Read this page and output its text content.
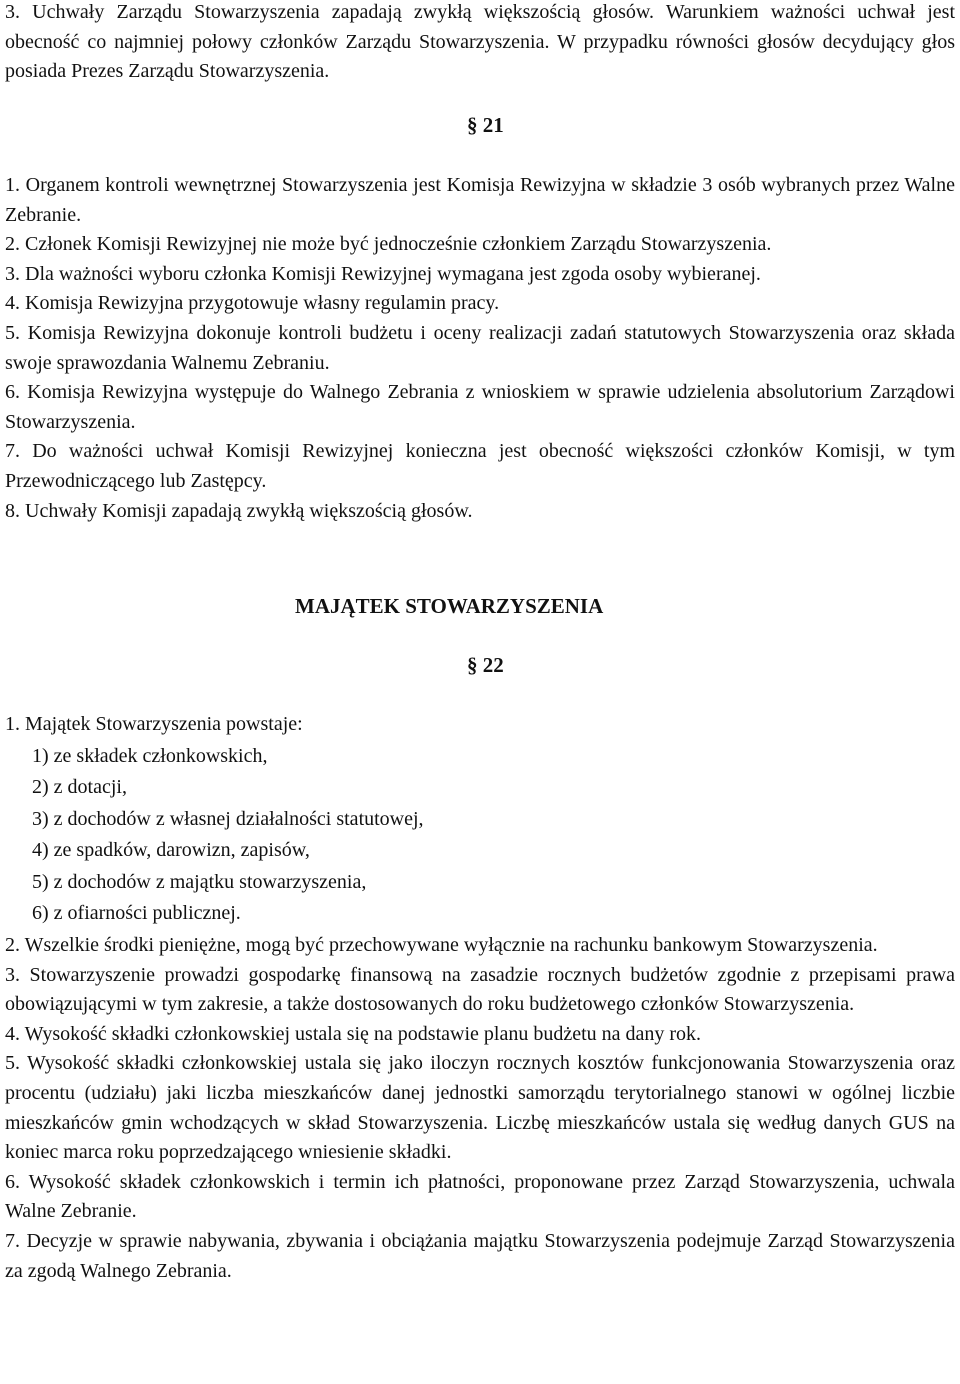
3. Uchwały Zarządu Stowarzyszenia zapadają zwykłą większością głosów. Warunkiem ważności uchwał jest obecność co najmniej połowy członków Zarządu Stowarzyszenia. W przypadku równości głosów decydujący głos posiada Prezes Zarządu Stowarzyszenia.

§ 21

1. Organem kontroli wewnętrznej Stowarzyszenia jest Komisja Rewizyjna w składzie 3 osób wybranych przez Walne Zebranie.

2. Członek Komisji Rewizyjnej nie może być jednocześnie członkiem Zarządu Stowarzyszenia.

3. Dla ważności wyboru członka Komisji Rewizyjnej wymagana jest zgoda osoby wybieranej.

4. Komisja Rewizyjna przygotowuje własny regulamin pracy.

5. Komisja Rewizyjna dokonuje kontroli budżetu i oceny realizacji zadań statutowych Stowarzyszenia oraz składa swoje sprawozdania Walnemu Zebraniu.

6. Komisja Rewizyjna występuje do Walnego Zebrania z wnioskiem w sprawie udzielenia absolutorium Zarządowi Stowarzyszenia.

7. Do ważności uchwał Komisji Rewizyjnej konieczna jest obecność większości członków Komisji, w tym Przewodniczącego lub Zastępcy.

8. Uchwały Komisji zapadają zwykłą większością głosów.

MAJĄTEK STOWARZYSZENIA

§ 22

1. Majątek Stowarzyszenia powstaje:

1) ze składek członkowskich,

2) z dotacji,

3) z dochodów z własnej działalności statutowej,

4) ze spadków, darowizn, zapisów,

5) z dochodów z majątku stowarzyszenia,

6) z ofiarności publicznej.

2. Wszelkie środki pieniężne, mogą być przechowywane wyłącznie na rachunku bankowym Stowarzyszenia.

3. Stowarzyszenie prowadzi gospodarkę finansową na zasadzie rocznych budżetów zgodnie z przepisami prawa obowiązującymi w tym zakresie, a także dostosowanych do roku budżetowego członków Stowarzyszenia.

4. Wysokość składki członkowskiej ustala się na podstawie planu budżetu na dany rok.

5. Wysokość składki członkowskiej ustala się jako iloczyn rocznych kosztów funkcjonowania Stowarzyszenia oraz procentu (udziału) jaki liczba mieszkańców danej jednostki samorządu terytorialnego stanowi w ogólnej liczbie mieszkańców gmin wchodzących w skład Stowarzyszenia. Liczbę mieszkańców ustala się według danych GUS na koniec marca roku poprzedzającego wniesienie składki.

6. Wysokość składek członkowskich i termin ich płatności, proponowane przez Zarząd Stowarzyszenia, uchwala Walne Zebranie.

7. Decyzje w sprawie nabywania, zbywania i obciążania majątku Stowarzyszenia podejmuje Zarząd Stowarzyszenia za zgodą Walnego Zebrania.
